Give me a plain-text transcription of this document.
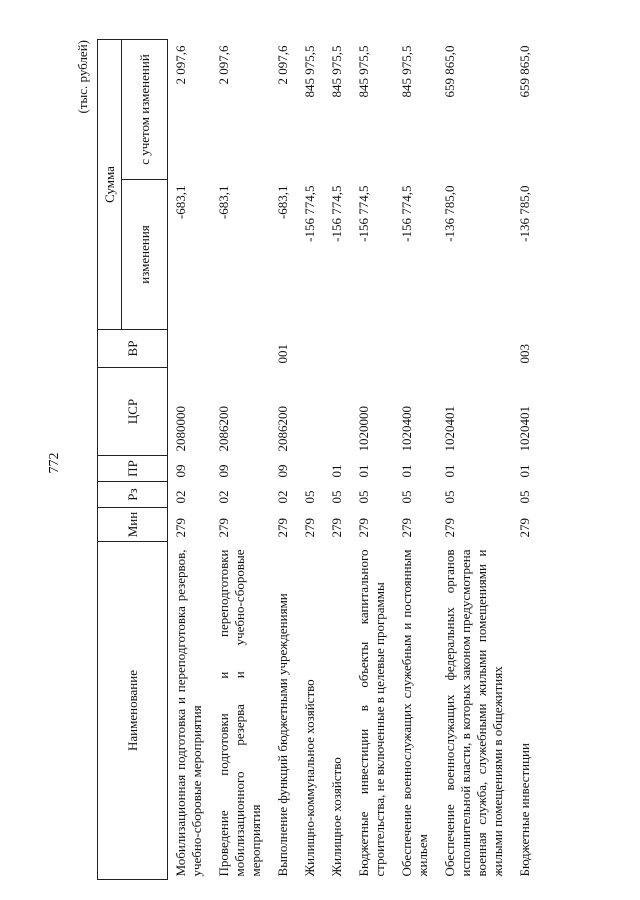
772
(тыс. рублей)
Наименование	Мин	Рз	ПР	ЦСР	ВР	Сумма	
						изменения	с учетом изменений
Мобилизационная подготовка и переподготовка резервов, учебно-сборовые мероприятия	279	02	09	2080000		-683,1	2 097,6
Проведение подготовки и переподготовки мобилизационного резерва и учебно-сборовые мероприятия	279	02	09	2086200		-683,1	2 097,6
Выполнение функций бюджетными учреждениями	279	02	09	2086200	001	-683,1	2 097,6
Жилищно-коммунальное хозяйство	279	05				-156 774,5	845 975,5
Жилищное хозяйство	279	05	01			-156 774,5	845 975,5
Бюджетные инвестиции в объекты капитального строительства, не включенные в целевые программы	279	05	01	1020000		-156 774,5	845 975,5
Обеспечение военнослужащих служебным и постоянным жильем	279	05	01	1020400		-156 774,5	845 975,5
Обеспечение военнослужащих федеральных органов исполнительной власти, в которых законом предусмотрена военная служба, служебными жилыми помещениями и жилыми помещениями в общежитиях	279	05	01	1020401		-136 785,0	659 865,0
Бюджетные инвестиции	279	05	01	1020401	003	-136 785,0	659 865,0
